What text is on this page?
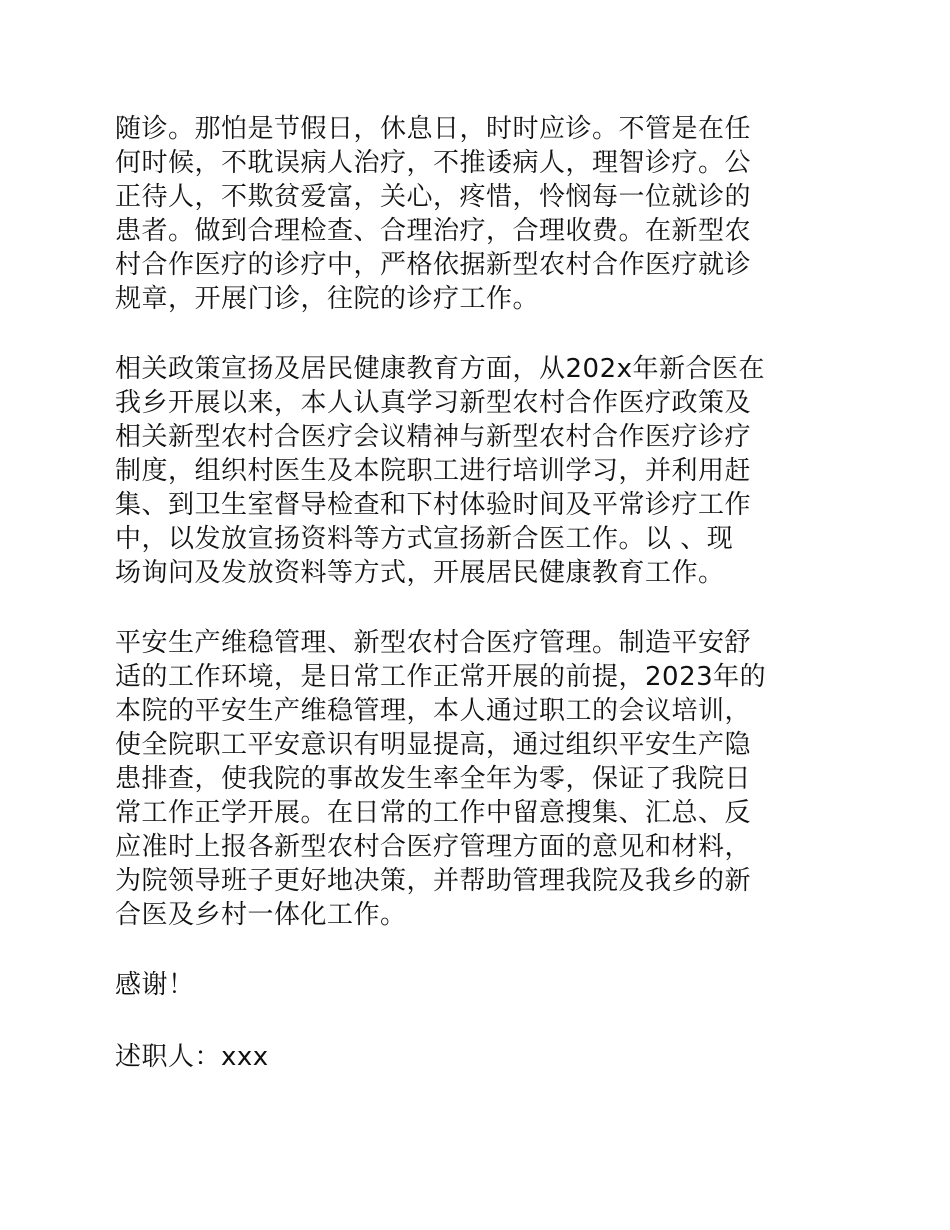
随诊。那怕是节假日，休息日，时时应诊。不管是在任
何时候，不耽误病人治疗，不推诿病人，理智诊疗。公
正待人，不欺贫爱富，关心，疼惜，怜悯每一位就诊的
患者。做到合理检查、合理治疗，合理收费。在新型农
村合作医疗的诊疗中，严格依据新型农村合作医疗就诊
规章，开展门诊，往院的诊疗工作。

相关政策宣扬及居民健康教育方面，从202x年新合医在
我乡开展以来，本人认真学习新型农村合作医疗政策及
相关新型农村合医疗会议精神与新型农村合作医疗诊疗
制度，组织村医生及本院职工进行培训学习，并利用赶
集、到卫生室督导检查和下村体验时间及平常诊疗工作
中，以发放宣扬资料等方式宣扬新合医工作。以 、现
场询问及发放资料等方式，开展居民健康教育工作。

平安生产维稳管理、新型农村合医疗管理。制造平安舒
适的工作环境，是日常工作正常开展的前提，2023年的
本院的平安生产维稳管理，本人通过职工的会议培训，
使全院职工平安意识有明显提高，通过组织平安生产隐
患排查，使我院的事故发生率全年为零，保证了我院日
常工作正学开展。在日常的工作中留意搜集、汇总、反
应准时上报各新型农村合医疗管理方面的意见和材料，
为院领导班子更好地决策，并帮助管理我院及我乡的新
合医及乡村一体化工作。

感谢！

述职人：xxx
